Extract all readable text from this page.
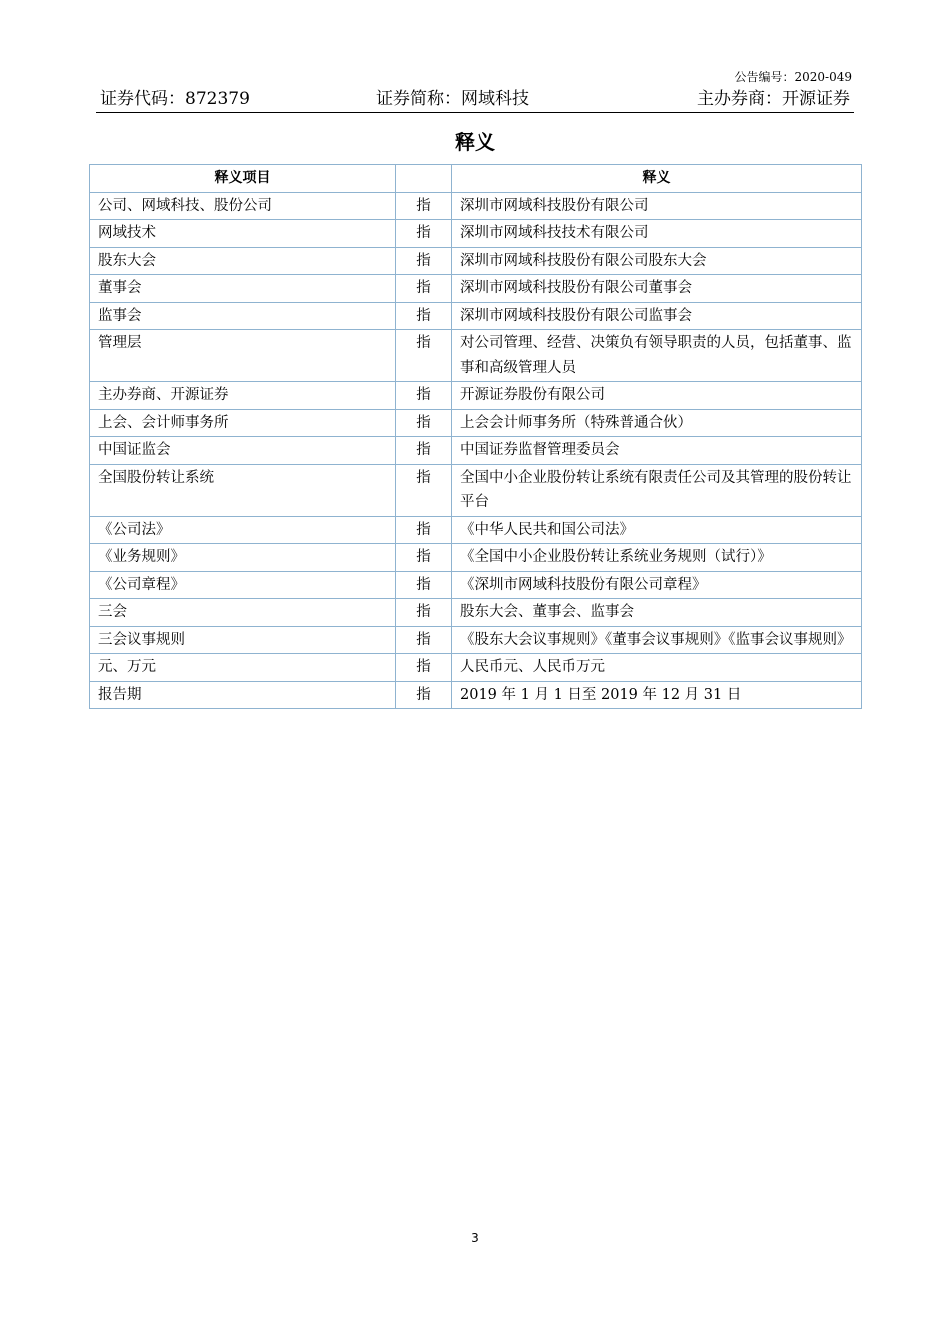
公告编号：2020-049
证券代码：872379	证券简称：网域科技	主办券商：开源证券
释义
释义项目		释义
公司、网域科技、股份公司	指	深圳市网域科技股份有限公司
网域技术	指	深圳市网域科技技术有限公司
股东大会	指	深圳市网域科技股份有限公司股东大会
董事会	指	深圳市网域科技股份有限公司董事会
监事会	指	深圳市网域科技股份有限公司监事会
管理层	指	对公司管理、经营、决策负有领导职责的人员，包括董事、监事和高级管理人员
主办券商、开源证券	指	开源证券股份有限公司
上会、会计师事务所	指	上会会计师事务所（特殊普通合伙）
中国证监会	指	中国证券监督管理委员会
全国股份转让系统	指	全国中小企业股份转让系统有限责任公司及其管理的股份转让平台
《公司法》	指	《中华人民共和国公司法》
《业务规则》	指	《全国中小企业股份转让系统业务规则（试行）》
《公司章程》	指	《深圳市网域科技股份有限公司章程》
三会	指	股东大会、董事会、监事会
三会议事规则	指	《股东大会议事规则》《董事会议事规则》《监事会议事规则》
元、万元	指	人民币元、人民币万元
报告期	指	2019 年 1 月 1 日至 2019 年 12 月 31 日
3
